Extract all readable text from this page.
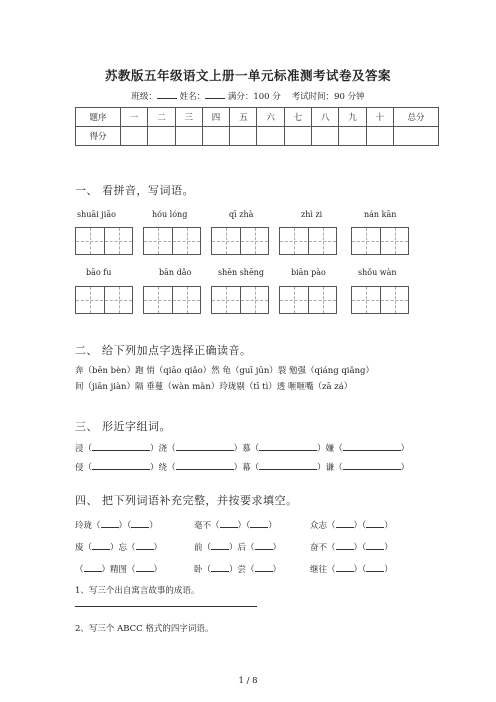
苏教版五年级语文上册一单元标准测考试卷及答案
班级：	姓名：	满分：100 分 考试时间：90 分钟
题序	一	二	三	四	五	六	七	八	九	十	总分
得分											
一、 看拼音，写词语。
shuāi jiāo	hóu lóng	qī zhà	zhì zi	nán kān
bāo fu	bān dǎo	shēn shēng	biān pào	shǒu wàn
二、 给下列加点字选择正确读音。
奔（bēn bèn）跑 悄（qiāo qiǎo）然 龟（guī jūn）裂 勉强（qiáng qiǎng）
间（jiān jiàn）隔 垂蔓（wàn màn）玲珑剔（tī tì）透 咂咂嘴（zā zá）
三、 形近字组词。
浸（	）浇（	）慕（	）嫌（	）
侵（	）绕（	）幕（	）谦（	）
四、 把下列词语补充完整，并按要求填空。
玲珑（ ）（ ）	毫不（ ）（ ）	众志（ ）（ ）
废（ ）忘（ ）	前（ ）后（ ）	奋不（ ）（ ）
（ ）精图（ ）	卧（ ）尝（ ）	继往（ ）（ ）
1、写三个出自寓言故事的成语。
2、写三个 ABCC 格式的四字词语。
1 / 8
